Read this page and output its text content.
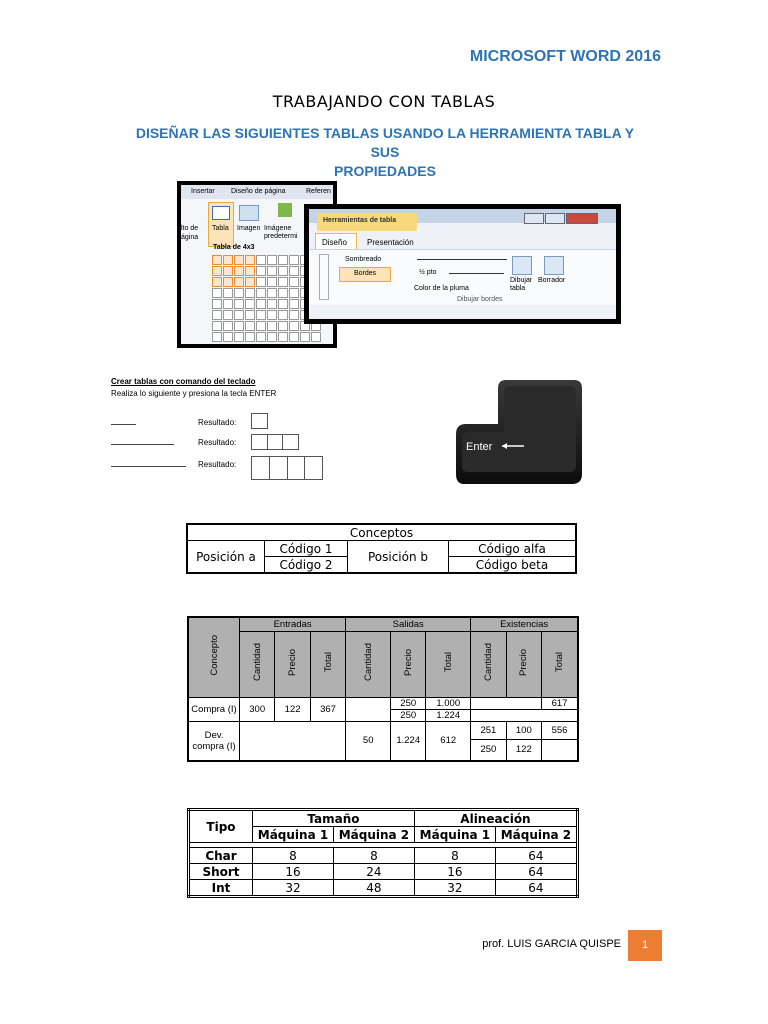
MICROSOFT WORD 2016
TRABAJANDO CON TABLAS
DISEÑAR LAS SIGUIENTES TABLAS USANDO LA HERRAMIENTA TABLA Y SUS
PROPIEDADES
Insertar Diseño de página	Referen
lto de
ágina
Tabla Imagen Imágene
predetermi
Tabla de 4x3
Herramientas de tabla
Diseño	Presentación
Sombreado
Bordes	½ pto
Color de la pluma
Dibujar tabla
Borrador
Dibujar bordes
Crear tablas con comando del teclado
Realiza lo siguiente y presiona la tecla ENTER
Resultado:
Resultado:
Resultado:
Enter
Conceptos			
Posición a	Código 1	Posición b	Código alfa
	Código 2		Código beta
Concepto	Entradas			Salidas			Existencias		
	Cantidad	Precio	Total	Cantidad	Precio	Total	Cantidad	Precio	Total
Compra (I)	300	122	367		250	1.000			617
					250	1.224			
Dev. compra (I)				50	1.224	612	251	100	556
							250	122	
Tipo	Tamaño		Alineación	
	Máquina 1	Máquina 2	Máquina 1	Máquina 2

Char	8	8	8	64
Short	16	24	16	64
Int	32	48	32	64
prof. LUIS GARCIA QUISPE	1
